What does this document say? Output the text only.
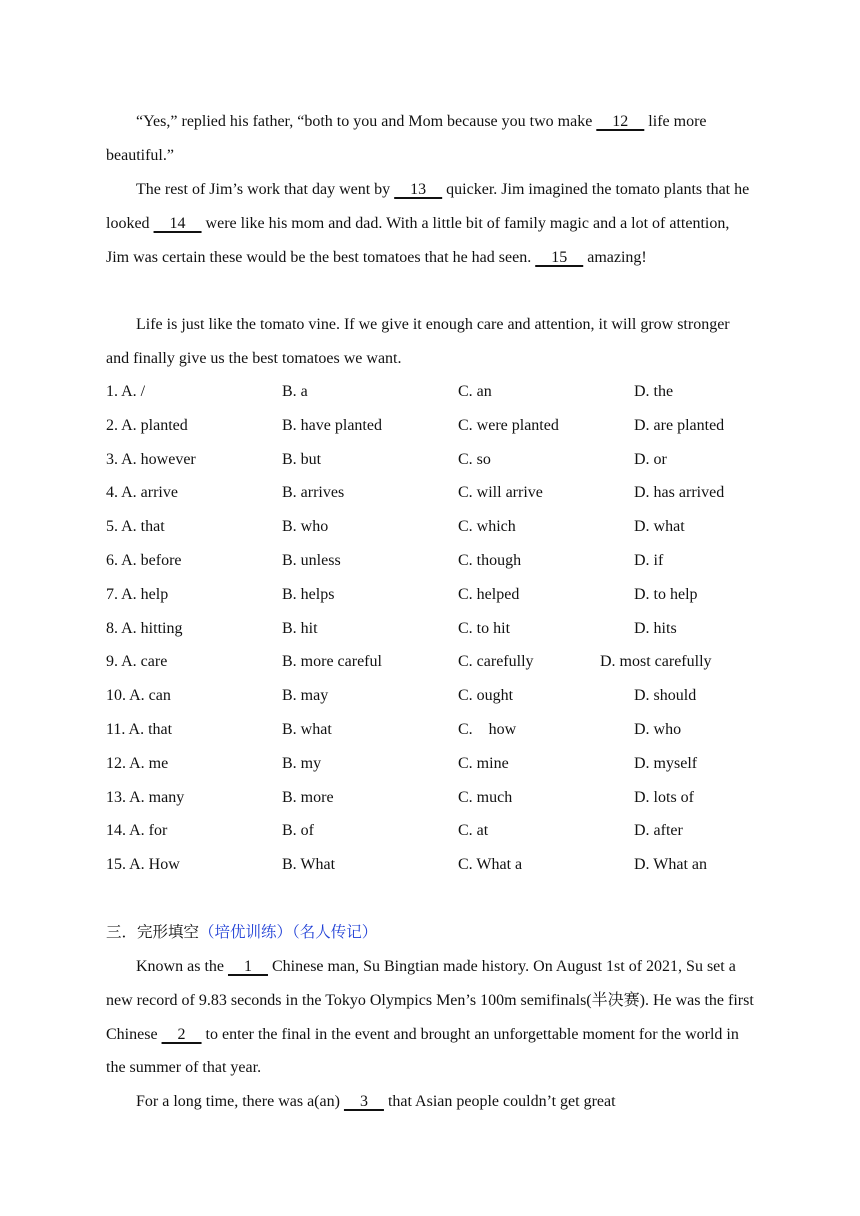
“Yes,” replied his father, “both to you and Mom because you two make     12     life more beautiful.”

The rest of Jim’s work that day went by     13     quicker. Jim imagined the tomato plants that he looked     14     were like his mom and dad. With a little bit of family magic and a lot of attention, Jim was certain these would be the best tomatoes that he had seen.     15     amazing!

Life is just like the tomato vine. If we give it enough care and attention, it will grow stronger and finally give us the best tomatoes we want.

1. A. /	B. a	C. an	D. the
2. A. planted	B. have planted	C. were planted	D. are planted
3. A. however	B. but	C. so	D. or
4. A. arrive	B. arrives	C. will arrive	D. has arrived
5. A. that	B. who	C. which	D. what
6. A. before	B. unless	C. though	D. if
7. A. help	B. helps	C. helped	D. to help
8. A. hitting	B. hit	C. to hit	D. hits
9. A. care	B. more careful	C. carefully	D. most carefully
10. A. can	B. may	C. ought	D. should
11. A. that	B. what	C.    how	D. who
12. A. me	B. my	C. mine	D. myself
13. A. many	B. more	C. much	D. lots of
14. A. for	B. of	C. at	D. after
15. A. How	B. What	C. What a	D. What an
三．完形填空（培优训练）（名人传记）

Known as the     1     Chinese man, Su Bingtian made history. On August 1st of 2021, Su set a new record of 9.83 seconds in the Tokyo Olympics Men’s 100m semifinals(半决赛). He was the first Chinese     2     to enter the final in the event and brought an unforgettable moment for the world in the summer of that year.

For a long time, there was a(an)     3     that Asian people couldn’t get great
